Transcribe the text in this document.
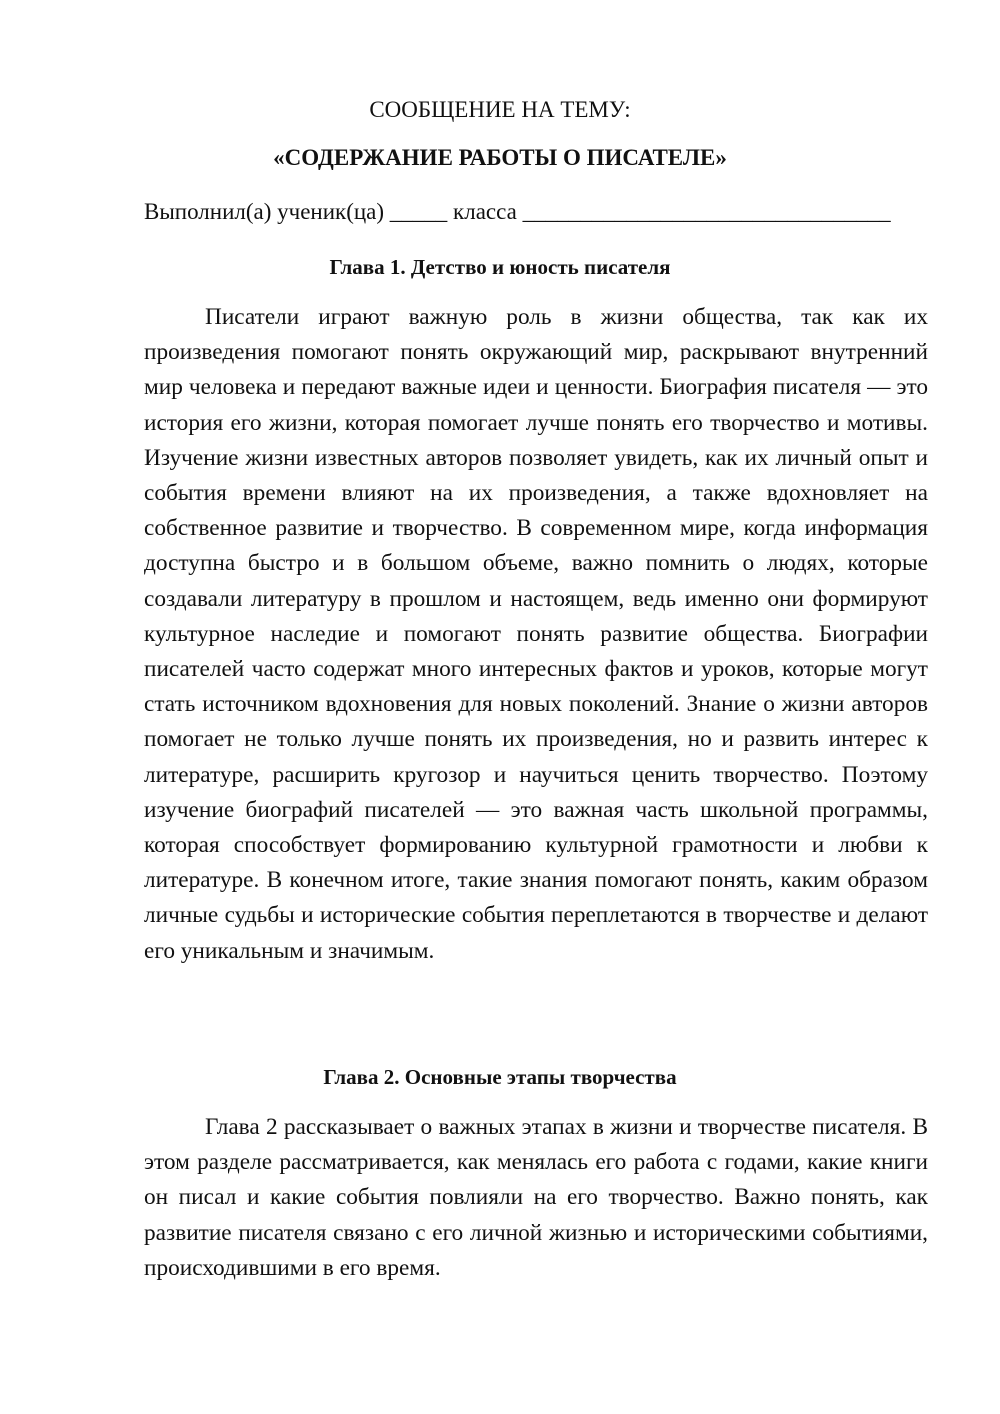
СООБЩЕНИЕ НА ТЕМУ:
«СОДЕРЖАНИЕ РАБОТЫ О ПИСАТЕЛЕ»
Выполнил(а) ученик(ца) _____ класса ________________________________
Глава 1. Детство и юность писателя

Писатели играют важную роль в жизни общества, так как их произведения помогают понять окружающий мир, раскрывают внутренний мир человека и передают важные идеи и ценности. Биография писателя — это история его жизни, которая помогает лучше понять его творчество и мотивы. Изучение жизни известных авторов позволяет увидеть, как их личный опыт и события времени влияют на их произведения, а также вдохновляет на собственное развитие и творчество. В современном мире, когда информация доступна быстро и в большом объеме, важно помнить о людях, которые создавали литературу в прошлом и настоящем, ведь именно они формируют культурное наследие и помогают понять развитие общества. Биографии писателей часто содержат много интересных фактов и уроков, которые могут стать источником вдохновения для новых поколений. Знание о жизни авторов помогает не только лучше понять их произведения, но и развить интерес к литературе, расширить кругозор и научиться ценить творчество. Поэтому изучение биографий писателей — это важная часть школьной программы, которая способствует формированию культурной грамотности и любви к литературе. В конечном итоге, такие знания помогают понять, каким образом личные судьбы и исторические события переплетаются в творчестве и делают его уникальным и значимым.

Глава 2. Основные этапы творчества

Глава 2 рассказывает о важных этапах в жизни и творчестве писателя. В этом разделе рассматривается, как менялась его работа с годами, какие книги он писал и какие события повлияли на его творчество. Важно понять, как развитие писателя связано с его личной жизнью и историческими событиями, происходившими в его время.
